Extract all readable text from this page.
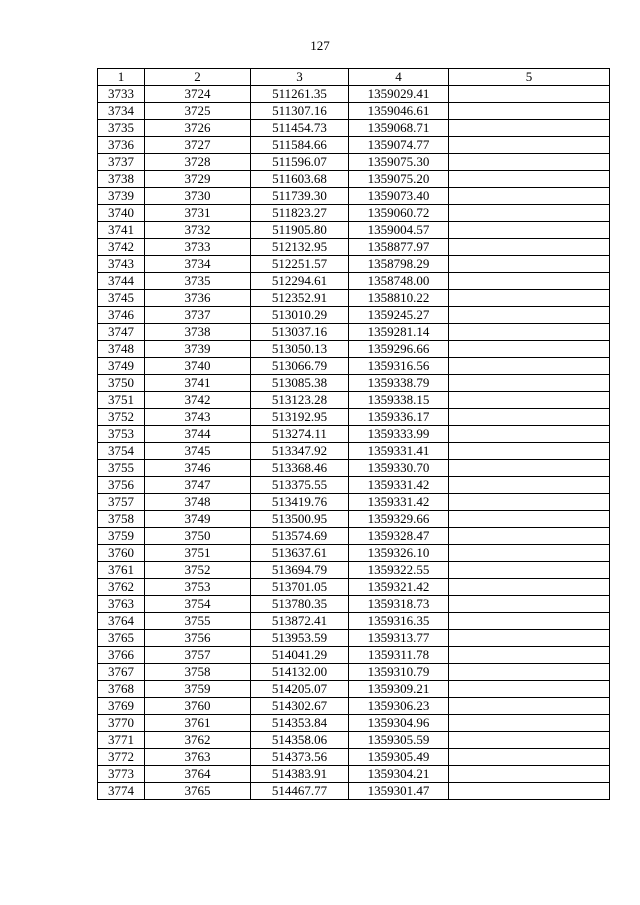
127
1	2	3	4	5
3733	3724	511261.35	1359029.41	
3734	3725	511307.16	1359046.61	
3735	3726	511454.73	1359068.71	
3736	3727	511584.66	1359074.77	
3737	3728	511596.07	1359075.30	
3738	3729	511603.68	1359075.20	
3739	3730	511739.30	1359073.40	
3740	3731	511823.27	1359060.72	
3741	3732	511905.80	1359004.57	
3742	3733	512132.95	1358877.97	
3743	3734	512251.57	1358798.29	
3744	3735	512294.61	1358748.00	
3745	3736	512352.91	1358810.22	
3746	3737	513010.29	1359245.27	
3747	3738	513037.16	1359281.14	
3748	3739	513050.13	1359296.66	
3749	3740	513066.79	1359316.56	
3750	3741	513085.38	1359338.79	
3751	3742	513123.28	1359338.15	
3752	3743	513192.95	1359336.17	
3753	3744	513274.11	1359333.99	
3754	3745	513347.92	1359331.41	
3755	3746	513368.46	1359330.70	
3756	3747	513375.55	1359331.42	
3757	3748	513419.76	1359331.42	
3758	3749	513500.95	1359329.66	
3759	3750	513574.69	1359328.47	
3760	3751	513637.61	1359326.10	
3761	3752	513694.79	1359322.55	
3762	3753	513701.05	1359321.42	
3763	3754	513780.35	1359318.73	
3764	3755	513872.41	1359316.35	
3765	3756	513953.59	1359313.77	
3766	3757	514041.29	1359311.78	
3767	3758	514132.00	1359310.79	
3768	3759	514205.07	1359309.21	
3769	3760	514302.67	1359306.23	
3770	3761	514353.84	1359304.96	
3771	3762	514358.06	1359305.59	
3772	3763	514373.56	1359305.49	
3773	3764	514383.91	1359304.21	
3774	3765	514467.77	1359301.47	
